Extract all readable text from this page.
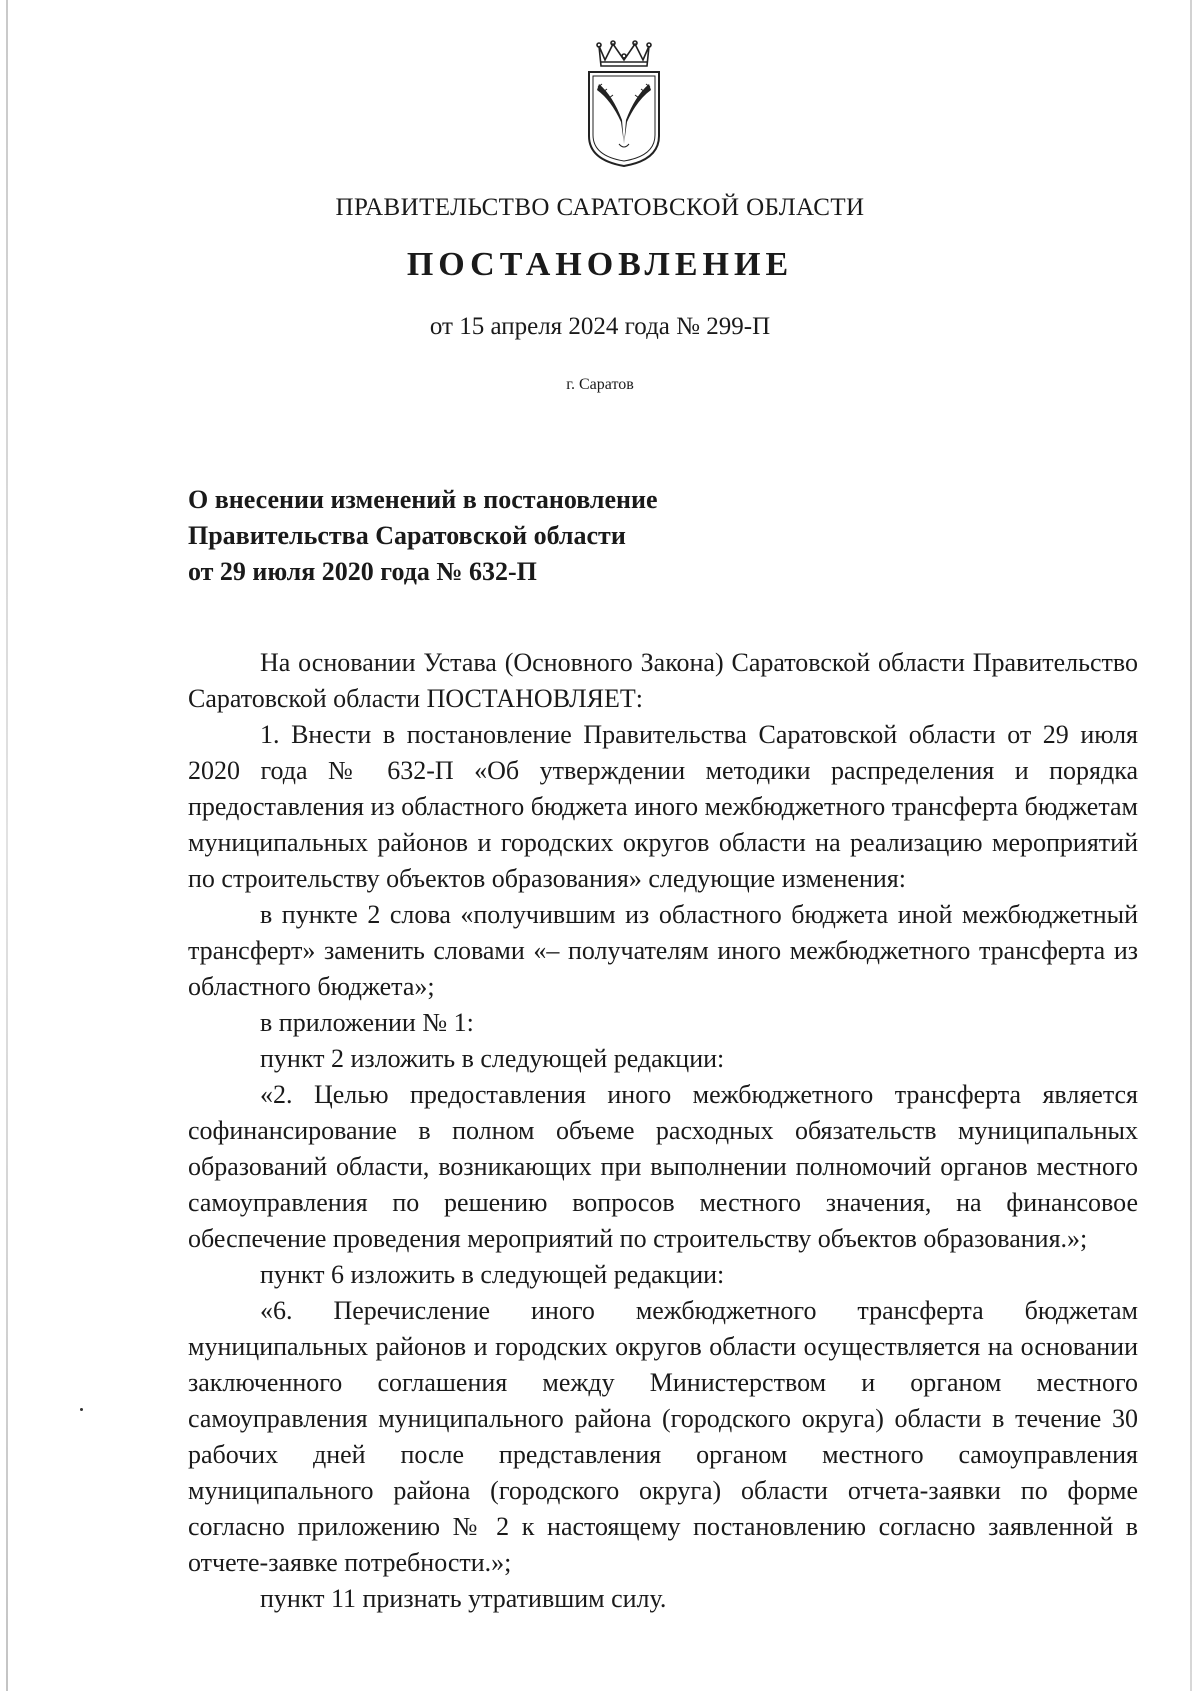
ПРАВИТЕЛЬСТВО САРАТОВСКОЙ ОБЛАСТИ
ПОСТАНОВЛЕНИЕ
от 15 апреля 2024 года № 299-П
г. Саратов
О внесении изменений в постановление
Правительства Саратовской области
от 29 июля 2020 года № 632-П

На основании Устава (Основного Закона) Саратовской области Правительство Саратовской области ПОСТАНОВЛЯЕТ:

1. Внести в постановление Правительства Саратовской области от 29 июля 2020 года № 632-П «Об утверждении методики распределения и порядка предоставления из областного бюджета иного межбюджетного трансферта бюджетам муниципальных районов и городских округов области на реализацию мероприятий по строительству объектов образования» следующие изменения:

в пункте 2 слова «получившим из областного бюджета иной межбюджетный трансферт» заменить словами «– получателям иного межбюджетного трансферта из областного бюджета»;

в приложении № 1:

пункт 2 изложить в следующей редакции:

«2. Целью предоставления иного межбюджетного трансферта является софинансирование в полном объеме расходных обязательств муниципальных образований области, возникающих при выполнении полномочий органов местного самоуправления по решению вопросов местного значения, на финансовое обеспечение проведения мероприятий по строительству объектов образования.»;

пункт 6 изложить в следующей редакции:

«6. Перечисление иного межбюджетного трансферта бюджетам муниципальных районов и городских округов области осуществляется на основании заключенного соглашения между Министерством и органом местного самоуправления муниципального района (городского округа) области в течение 30 рабочих дней после представления органом местного самоуправления муниципального района (городского округа) области отчета-заявки по форме согласно приложению № 2 к настоящему постановлению согласно заявленной в отчете-заявке потребности.»;

пункт 11 признать утратившим силу.
